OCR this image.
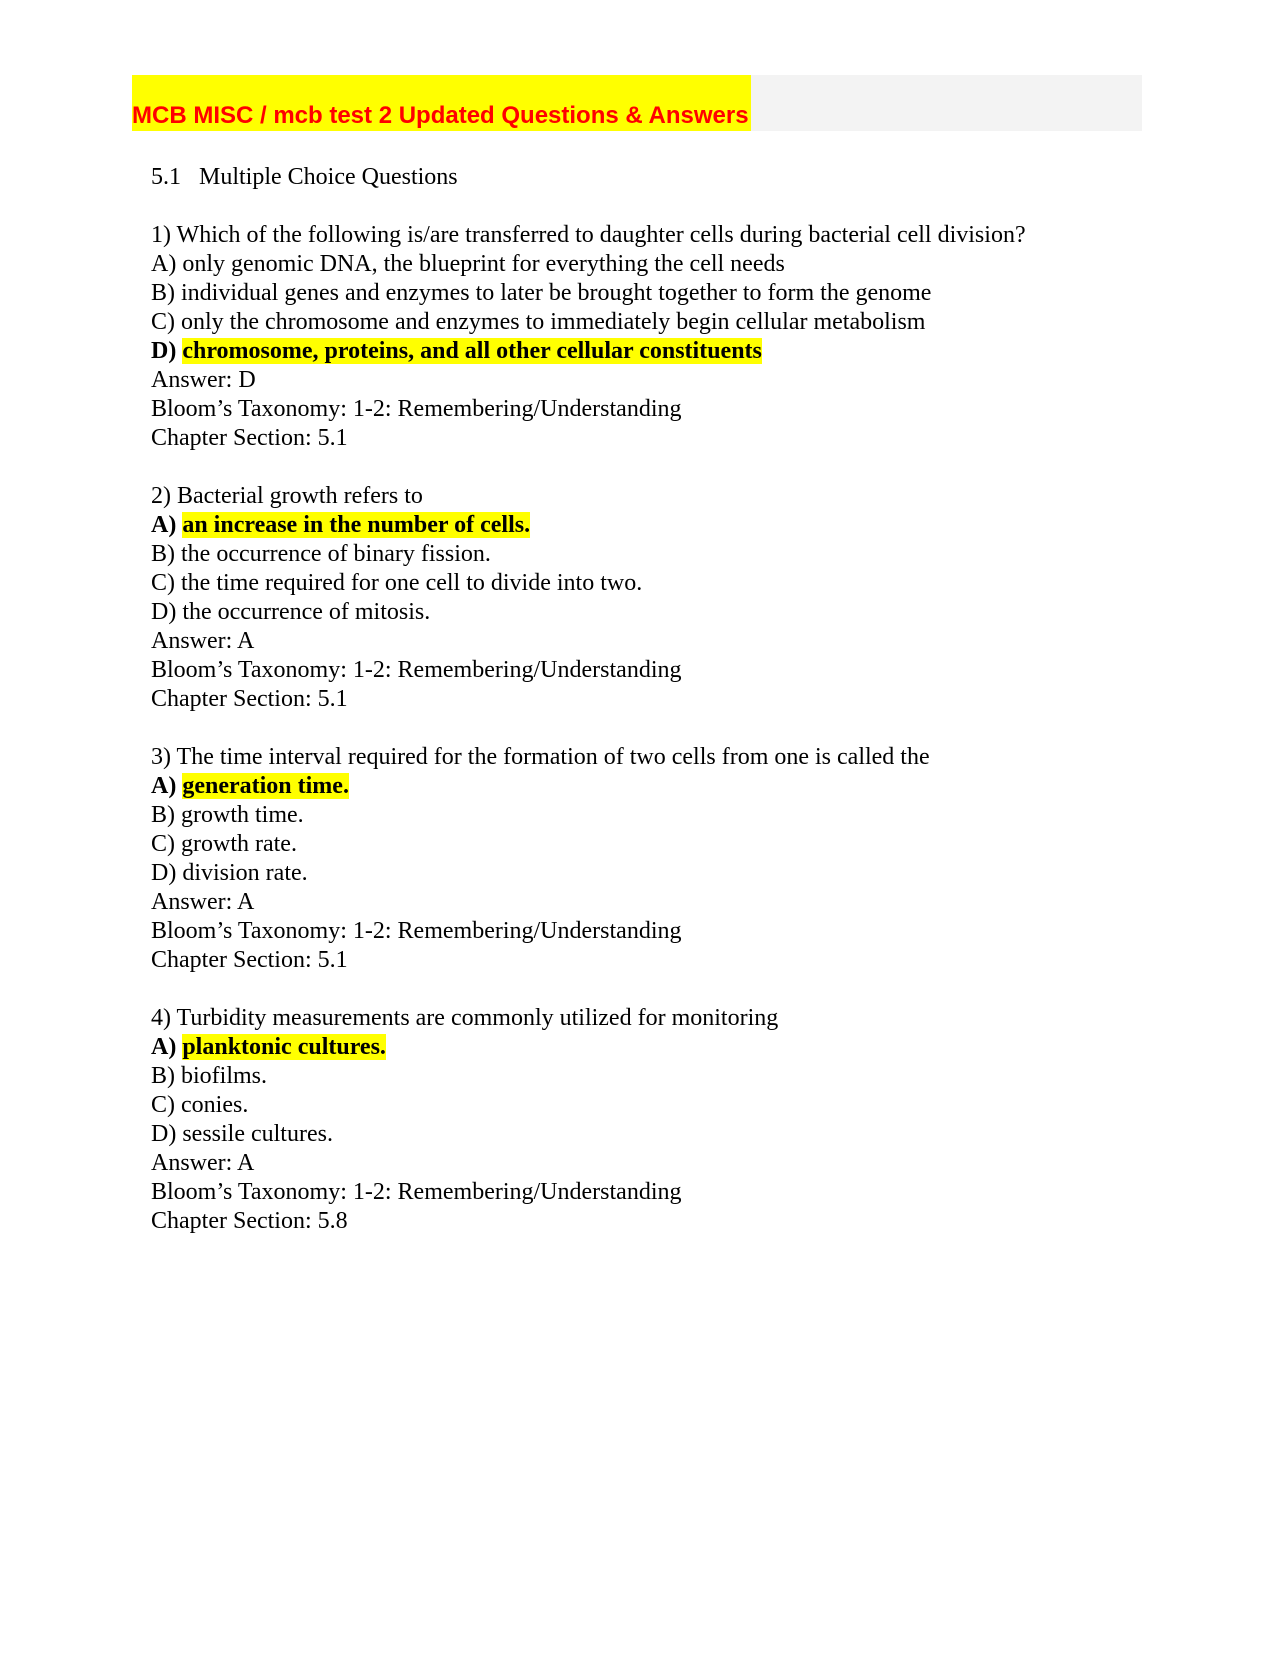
MCB MISC / mcb test 2 Updated Questions & Answers
5.1   Multiple Choice Questions
1) Which of the following is/are transferred to daughter cells during bacterial cell division?
A) only genomic DNA, the blueprint for everything the cell needs
B) individual genes and enzymes to later be brought together to form the genome
C) only the chromosome and enzymes to immediately begin cellular metabolism
D) chromosome, proteins, and all other cellular constituents
Answer: D
Bloom’s Taxonomy: 1-2: Remembering/Understanding
Chapter Section: 5.1
2) Bacterial growth refers to
A) an increase in the number of cells.
B) the occurrence of binary fission.
C) the time required for one cell to divide into two.
D) the occurrence of mitosis.
Answer: A
Bloom’s Taxonomy: 1-2: Remembering/Understanding
Chapter Section: 5.1
3) The time interval required for the formation of two cells from one is called the
A) generation time.
B) growth time.
C) growth rate.
D) division rate.
Answer: A
Bloom’s Taxonomy: 1-2: Remembering/Understanding
Chapter Section: 5.1
4) Turbidity measurements are commonly utilized for monitoring
A) planktonic cultures.
B) biofilms.
C) conies.
D) sessile cultures.
Answer: A
Bloom’s Taxonomy: 1-2: Remembering/Understanding
Chapter Section: 5.8
